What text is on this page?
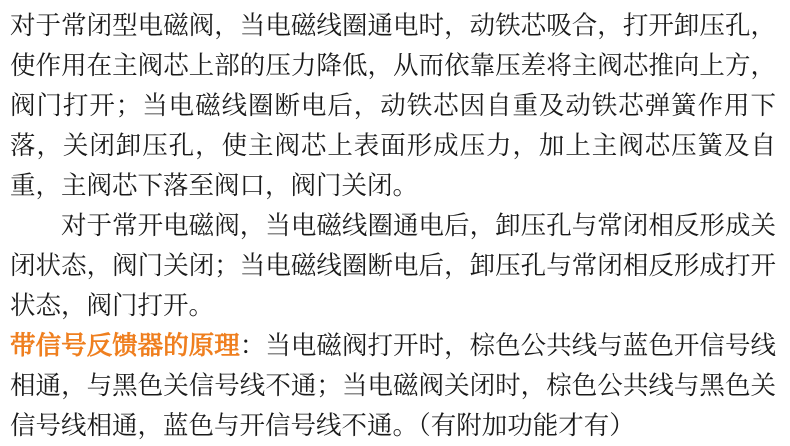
对于常闭型电磁阀，当电磁线圈通电时，动铁芯吸合，打开卸压孔，使作用在主阀芯上部的压力降低，从而依靠压差将主阀芯推向上方，阀门打开；当电磁线圈断电后，动铁芯因自重及动铁芯弹簧作用下落，关闭卸压孔，使主阀芯上表面形成压力，加上主阀芯压簧及自重，主阀芯下落至阀口，阀门关闭。

对于常开电磁阀，当电磁线圈通电后，卸压孔与常闭相反形成关闭状态，阀门关闭；当电磁线圈断电后，卸压孔与常闭相反形成打开状态，阀门打开。

带信号反馈器的原理：当电磁阀打开时，棕色公共线与蓝色开信号线相通，与黑色关信号线不通；当电磁阀关闭时，棕色公共线与黑色关信号线相通，蓝色与开信号线不通。（有附加功能才有）
